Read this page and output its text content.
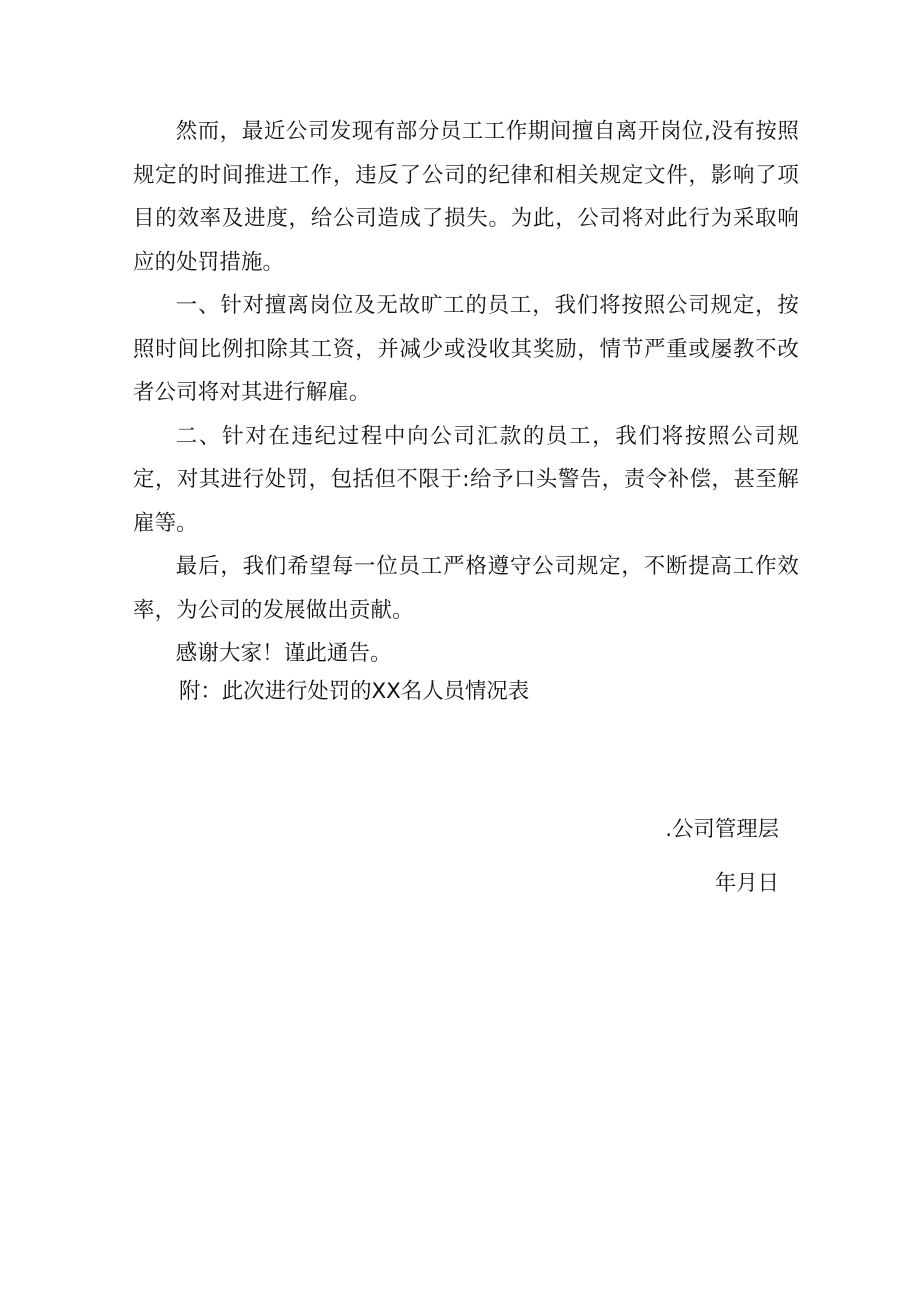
然而，最近公司发现有部分员工工作期间擅自离开岗位,没有按照规定的时间推进工作，违反了公司的纪律和相关规定文件，影响了项目的效率及进度，给公司造成了损失。为此，公司将对此行为采取响应的处罚措施。

一、针对擅离岗位及无故旷工的员工，我们将按照公司规定，按照时间比例扣除其工资，并减少或没收其奖励，情节严重或屡教不改者公司将对其进行解雇。

二、针对在违纪过程中向公司汇款的员工，我们将按照公司规定，对其进行处罚，包括但不限于:给予口头警告，责令补偿，甚至解雇等。

最后，我们希望每一位员工严格遵守公司规定，不断提高工作效率，为公司的发展做出贡献。

感谢大家！谨此通告。

附：此次进行处罚的XX名人员情况表
.公司管理层
年月日
